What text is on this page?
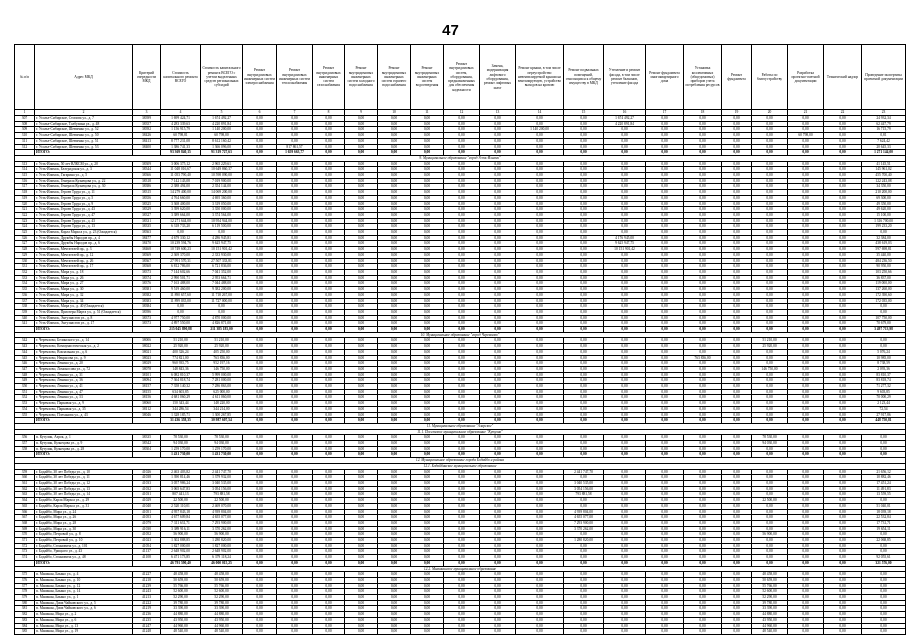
47
№ п/п	Адрес МКД	Критерий очередности МКД	Стоимость капитального ремонта ВСЕГО	Стоимость капитального ремонта ВСЕГО с учетом выделенных средств региональных субсидий	Ремонт внутридомовых инженерных систем электроснабжения	Ремонт внутридомовых инженерных систем теплоснабжения	Ремонт внутридомовых инженерных систем газоснабжения	Ремонт внутридомовых инженерных систем холодного водоснабжения	Ремонт внутридомовых инженерных систем горячего водоснабжения	Ремонт внутридомовых инженерных систем водоотведения	Ремонт внутридомовых систем, оборудования, предназначенных для обеспечения надежности	Замена, модернизация лифтового оборудования, ремонт лифтовых шахт	Ремонт крыши, в том числе переустройство невентилируемой крыши на вентилируемую, устройство выходов на кровлю	Ремонт подвальных помещений, относящихся к общему имуществу в МКД	Утепление и ремонт фасада, в том числе ремонт балконов, утепление фасада	Ремонт фундамента многоквартирного дома	Установка коллективных (общедомовых) приборов учета потребления ресурсов	Ремонт фундамента	Работы по благоустройству	Разработка проектно-сметной документации	Технический надзор	Проведение экспертизы проектной документации
1	2	3	4	5	6	7	8	9	10	11	12	13	14	15	16	17	18	19	20	21	22	23
307	г. Усолье-Сибирское, Стопова ул., д. 7	38399	1 699 424,71	1 674 492,27	0,00	0,00	0,00	0,00	0,00	0,00	0,00	0,00	0,00	0,00	1 674 492,27	0,00	0,00	0,00	0,00	0,00	0,00	24 932,34
308	г. Усолье-Сибирское, Толбухина ул., д. 48	38357	4 283 339,63	4 220 891,84	0,00	0,00	0,00	0,00	0,00	0,00	0,00	0,00	0,00	0,00	4 220 891,84	0,00	0,00	0,00	0,00	0,00	0,00	62 447,79
309	г. Усолье-Сибирское, Шевченко ул., д. 52	38392	1 156 915,79	1 140 200,00	0,00	0,00	0,00	0,00	0,00	0,00	0,00	0,00	1 140 200,00	0,00	0,00	0,00	0,00	0,00	0,00	0,00	0,00	16 715,79
310	г. Усолье-Сибирское, Шевченко ул., д. 50	38426	60 798,81	60 798,00	0,00	0,00	0,00	0,00	0,00	0,00	0,00	0,00	0,00	0,00	0,00	0,00	0,00	0,00	0,00	60 798,00	0,00	0,81
311	г. Усолье-Сибирское, Шевченко ул., д. 51	38413	8 777 231,08	8 612 160,42	0,00	0,00	0,00	0,00	0,00	0,00	0,00	0,00	0,00	0,00	0,00	0,00	0,00	0,00	0,00	0,00	0,00	7 624,42
312	г. Усолье-Сибирское, Шевченко ул., д. 53	38400	1 386 741,33	1 366 096,00	0,00	817 861,57	0,00	0,00	0,00	0,00	0,00	0,00	0,00	0,00	0,00	0,00	0,00	0,00	0,00	0,00	0,00	20 645,33
	ИТОГО:		93 369 840,15	91 319 727,63	0,00	1 659 663,77	0,00	0,00	0,00	0,00	0,00	0,00	0,00	0,00	0,00	0,00	0,00	0,00	0,00	0,00	0,00	1 271 144,00
9. Муниципальное образование "город Усть-Илимск"																						
313	г. Усть-Илимск, 50 лет ВЛКСМ ул., д. 20	38309	3 006 375,12	2 965 229,61	0,00	0,00	0,00	0,00	0,00	0,00	0,00	0,00	0,00	0,00	0,00	0,00	0,00	0,00	0,00	0,00	0,00	41 145,51
314	г. Усть-Илимск, Белградская ул., д. 3	38344	11 048 016,67	10 649 860,37	0,00	0,00	0,00	0,00	0,00	0,00	0,00	0,00	0,00	0,00	0,00	0,00	0,00	0,00	0,00	0,00	0,00	145 961,02
315	г. Усть-Илимск, Гагарина ул., д. 5	38366	11 053 790,40	10 598 090,00	0,00	0,00	0,00	0,00	0,00	0,00	0,00	0,00	0,00	0,00	0,00	0,00	0,00	0,00	0,00	0,00	0,00	455 700,40
316	г. Усть-Илимск, Генерала Кузнецова ул., д. 22	38318	7 142 143,08	7 019 900,00	0,00	0,00	0,00	0,00	0,00	0,00	0,00	0,00	0,00	0,00	0,00	0,00	0,00	0,00	0,00	0,00	0,00	122 243,08
317	г. Усть-Илимск, Генерала Кузнецова ул., д. 30	38386	2 388 494,00	2 354 144,00	0,00	0,00	0,00	0,00	0,00	0,00	0,00	0,00	0,00	0,00	0,00	0,00	0,00	0,00	0,00	0,00	0,00	34 350,00
318	г. Усть-Илимск, Героев Труда ул., д. 11	38315	14 279 400,00	14 069 200,00	0,00	0,00	0,00	0,00	0,00	0,00	0,00	0,00	0,00	0,00	0,00	0,00	0,00	0,00	0,00	0,00	0,00	210 200,00
319	г. Усть-Илимск, Героев Труда ул., д. 5	38356	4 764 660,00	4 695 360,00	0,00	0,00	0,00	0,00	0,00	0,00	0,00	0,00	0,00	0,00	0,00	0,00	0,00	0,00	0,00	0,00	0,00	69 300,00
320	г. Усть-Илимск, Героев Труда ул., д. 9	38325	3 368 400,00	3 319 050,00	0,00	0,00	0,00	0,00	0,00	0,00	0,00	0,00	0,00	0,00	0,00	0,00	0,00	0,00	0,00	0,00	0,00	49 350,00
321	г. Усть-Илимск, Героев Труда ул., д. 43	38329	3 399 620,00	3 350 000,00	0,00	0,00	0,00	0,00	0,00	0,00	0,00	0,00	0,00	0,00	0,00	0,00	0,00	0,00	0,00	0,00	0,00	49 620,00
322	г. Усть-Илимск, Героев Труда ул., д. 47	38327	3 389 664,00	3 374 564,00	0,00	0,00	0,00	0,00	0,00	0,00	0,00	0,00	0,00	0,00	0,00	0,00	0,00	0,00	0,00	0,00	0,00	15 100,00
323	г. Усть-Илимск, Героев Труда ул., д. 43	38331	12 271 644,00	10 954 944,00	0,00	0,00	0,00	0,00	0,00	0,00	0,00	0,00	0,00	0,00	0,00	0,00	0,00	0,00	0,00	0,00	0,00	1 316 700,00
324	г. Усть-Илимск, Героев Труда ул., д. 13	38335	6 318 733,20	6 119 500,00	0,00	0,00	0,00	0,00	0,00	0,00	0,00	0,00	0,00	0,00	0,00	0,00	0,00	0,00	0,00	0,00	0,00	199 233,20
325	г. Усть-Илимск, Карла Маркса ул., д. 23 (Ожидается)	38363	0,00	0,00	0,00	0,00	0,00	0,00	0,00	0,00	0,00	0,00	0,00	0,00	0,00	0,00	0,00	0,00	0,00	0,00	0,00	0,00
326	г. Усть-Илимск, Дружбы Народов пр., д. 4	38477	4 679 330,12	4 286 945,81	0,00	0,00	0,00	0,00	0,00	0,00	0,00	0,00	0,00	0,00	4 176 945,00	0,00	0,00	0,00	0,00	0,00	0,00	32 384,00
327	г. Усть-Илимск, Дружбы Народов пр., д. 6	38470	10 239 594,76	9 625 947,75	0,00	0,00	0,00	0,00	0,00	0,00	0,00	0,00	0,00	0,00	9 625 947,75	0,00	0,00	0,00	0,00	0,00	0,00	438 619,03
328	г. Усть-Илимск, Мечтателей пр., д. 3	38468	10 749 600,23	10 151 901,42	0,00	0,00	0,00	0,00	0,00	0,00	0,00	0,00	0,00	0,00	10 151 901,42	0,00	0,00	0,00	0,00	0,00	0,00	597 698,81
329	г. Усть-Илимск, Мечтателей пр., д. 12	38369	2 369 370,00	2 333 930,00	0,00	0,00	0,00	0,00	0,00	0,00	0,00	0,00	0,00	0,00	0,00	0,00	0,00	0,00	0,00	0,00	0,00	35 440,00
330	г. Усть-Илимск, Мечтателей пр., д. 26	38367	27 991 570,31	27 507 333,81	0,00	0,00	0,00	0,00	0,00	0,00	0,00	0,00	0,00	0,00	0,00	0,00	0,00	0,00	0,00	0,00	0,00	484 236,50
331	г. Усть-Илимск, Мечтателей пр., д. 17	38368	6 812 786,00	6 721 836,00	0,00	0,00	0,00	0,00	0,00	0,00	0,00	0,00	0,00	0,00	0,00	0,00	0,00	0,00	0,00	0,00	0,00	90 950,00
332	г. Усть-Илимск, Мира ул., д. 18	38373	7 144 602,66	7 041 352,00	0,00	0,00	0,00	0,00	0,00	0,00	0,00	0,00	0,00	0,00	0,00	0,00	0,00	0,00	0,00	0,00	0,00	103 250,66
333	г. Усть-Илимск, Мира ул., д. 26	38374	2 990 501,71	2 953 664,71	0,00	0,00	0,00	0,00	0,00	0,00	0,00	0,00	0,00	0,00	0,00	0,00	0,00	0,00	0,00	0,00	0,00	36 837,00
334	г. Усть-Илимск, Мира ул., д. 27	38376	7 163 488,00	7 044 488,00	0,00	0,00	0,00	0,00	0,00	0,00	0,00	0,00	0,00	0,00	0,00	0,00	0,00	0,00	0,00	0,00	0,00	119 000,00
335	г. Усть-Илимск, Мира ул., д. 30	38381	9 519 460,00	9 382 200,00	0,00	0,00	0,00	0,00	0,00	0,00	0,00	0,00	0,00	0,00	0,00	0,00	0,00	0,00	0,00	0,00	0,00	137 260,00
336	г. Усть-Илимск, Мира ул., д. 32	38382	11 890 657,60	11 718 267,00	0,00	0,00	0,00	0,00	0,00	0,00	0,00	0,00	0,00	0,00	0,00	0,00	0,00	0,00	0,00	0,00	0,00	172 390,60
337	г. Усть-Илимск, Мира ул., д. 34	38383	11 899 035,00	11 727 000,00	0,00	0,00	0,00	0,00	0,00	0,00	0,00	0,00	0,00	0,00	0,00	0,00	0,00	0,00	0,00	0,00	0,00	172 035,00
338	г. Усть-Илимск, Мира ул., д. 40 (Ожидается)	38384	0,00	0,00	0,00	0,00	0,00	0,00	0,00	0,00	0,00	0,00	0,00	0,00	0,00	0,00	0,00	0,00	0,00	0,00	0,00	0,00
339	г. Усть-Илимск, Приозерн Марта ул., д. 51 (Ожидается)	38396	0,00	0,00	0,00	0,00	0,00	0,00	0,00	0,00	0,00	0,00	0,00	0,00	0,00	0,00	0,00	0,00	0,00	0,00	0,00	0,00
340	г. Усть-Илимск, Энтузиастов ул., д. 8	38373	4 977 750,00	4 870 000,00	0,00	0,00	0,00	0,00	0,00	0,00	0,00	0,00	0,00	0,00	0,00	0,00	0,00	0,00	0,00	0,00	0,00	107 750,00
341	г. Усть-Илимск, Энтузиастов ул., д. 17	38373	4 897 550,00	4 826 871,00	0,00	0,00	0,00	0,00	0,00	0,00	0,00	0,00	0,00	0,00	0,00	0,00	0,00	0,00	0,00	0,00	0,00	70 679,00
	ИТОГО:		215 045 890,88	211 385 185,00	0,00	0,00	0,00	0,00	0,00	0,00	0,00	0,00	0,00	0,00	0,00	0,00	0,00	0,00	0,00	0,00	0,00	3 497 713,98
10. Муниципальное образование "город Черемхово"																						
342	г. Черемхово, Белинского ул., д. 14	38006	51 210,00	51 210,00	0,00	0,00	0,00	0,00	0,00	0,00	0,00	0,00	0,00	0,00	0,00	0,00	0,00	0,00	51 210,00	0,00	0,00	0,00
343	г. Черемхово, Коммунистическая ул., д. 2	38022	25 920,00	25 920,00	0,00	0,00	0,00	0,00	0,00	0,00	0,00	0,00	0,00	0,00	0,00	0,00	0,00	0,00	25 920,00	0,00	0,00	0,00
344	г. Черемхово, Вокзальная ул., д. 6	38021	400 326,24	405 250,00	0,00	0,00	0,00	0,00	0,00	0,00	0,00	0,00	0,00	0,00	0,00	0,00	0,00	0,00	0,00	0,00	0,00	5 076,24
345	г. Черемхово, Некрасова ул., д. 9	38023	774 821,00	763 836,00	0,00	0,00	0,00	0,00	0,00	0,00	0,00	0,00	0,00	0,00	0,00	0,00	763 836,00	0,00	0,00	0,00	0,00	10 985,00
346	г. Черемхово, Ленина ул., д. 20	38029	960 935,75	952 197,16	0,00	0,00	0,00	0,00	0,00	0,00	0,00	0,00	0,00	0,00	0,00	0,00	0,00	0,00	0,00	0,00	0,00	8 738,59
347	г. Черемхово, Ломоносова ул., д. 72	38078	148 843,36	146 750,00	0,00	0,00	0,00	0,00	0,00	0,00	0,00	0,00	0,00	0,00	0,00	0,00	0,00	0,00	146 750,00	0,00	0,00	2 093,36
348	г. Черемхово, Ленина ул., д. 31	38101	6 082 810,37	5 999 000,00	0,00	0,00	0,00	0,00	0,00	0,00	0,00	0,00	0,00	0,00	0,00	0,00	0,00	0,00	0,00	0,00	0,00	83 810,37
349	г. Черемхово, Ленина ул., д. 36	38094	7 364 818,74	7 281 000,00	0,00	0,00	0,00	0,00	0,00	0,00	0,00	0,00	0,00	0,00	0,00	0,00	0,00	0,00	0,00	0,00	0,00	83 818,74
350	г. Черемхово, Ленина ул., д. 41	38157	7 358 140,32	7 286 863,00	0,00	0,00	0,00	0,00	0,00	0,00	0,00	0,00	0,00	0,00	0,00	0,00	0,00	0,00	0,00	0,00	0,00	71 277,32
351	г. Черемхово, Ленина ул., д. 47	38155	634 603,85	625 000,00	0,00	0,00	0,00	0,00	0,00	0,00	0,00	0,00	0,00	0,00	0,00	0,00	0,00	0,00	0,00	0,00	0,00	9 603,85
352	г. Черемхово, Ленина ул., д. 53	38156	4 681 060,29	4 611 060,00	0,00	0,00	0,00	0,00	0,00	0,00	0,00	0,00	0,00	0,00	0,00	0,00	0,00	0,00	0,00	0,00	0,00	70 000,29
353	г. Черемхово, Парковая ул., д. 9	38060	150 343,44	148 220,00	0,00	0,00	0,00	0,00	0,00	0,00	0,00	0,00	0,00	0,00	0,00	0,00	0,00	0,00	0,00	0,00	0,00	2 123,44
354	г. Черемхово, Парковая ул., д. 35	38112	344 286,54	344 214,00	0,00	0,00	0,00	0,00	0,00	0,00	0,00	0,00	0,00	0,00	0,00	0,00	0,00	0,00	0,00	0,00	0,00	72,54
355	г. Черемхово, Плеханова ул., д. 43	38046	1 328 185,71	1 300 267,85	0,00	0,00	0,00	0,00	0,00	0,00	0,00	0,00	0,00	0,00	0,00	0,00	0,00	0,00	0,00	0,00	0,00	27 917,86
	ИТОГО:		31 436 358,35	30 987 607,54	0,00	0,00	0,00	0,00	0,00	0,00	0,00	0,00	0,00	0,00	0,00	0,00	0,00	0,00	0,00	0,00	0,00	448 750,81
11. Муниципальное образование "Аларское"																						
11.1. Поселковое муниципальное образование "Кутулик"																						
356	п. Кутулик, Аэрок, д. 1	38335	78 530,00	78 530,00	0,00	0,00	0,00	0,00	0,00	0,00	0,00	0,00	0,00	0,00	0,00	0,00	0,00	0,00	78 530,00	0,00	0,00	0,00
357	п. Кутулик, Кузнецова ул., д. 9	38342	94 030,00	94 030,00	0,00	0,00	0,00	0,00	0,00	0,00	0,00	0,00	0,00	0,00	0,00	0,00	0,00	0,00	94 030,00	0,00	0,00	0,00
358	п. Кутулик, Кузнецова ул., д. 28	38304	1 259 170,00	1 259 170,00	0,00	0,00	0,00	0,00	0,00	0,00	0,00	0,00	0,00	0,00	0,00	0,00	0,00	0,00	0,00	0,00	0,00	0,00
	ИТОГО:		1 431 730,00	1 431 730,00	0,00	0,00	0,00	0,00	0,00	0,00	0,00	0,00	0,00	0,00	0,00	0,00	0,00	0,00	0,00	0,00	0,00	0,00
12. Муниципальное образование города Бодайбо и района																						
12.1. Бодайбинское муниципальное образование																						
359	г. Бодайбо, 30 лет Победы ул., д. 10	41026	2 463 403,82	2 441 747,70	0,00	0,00	0,00	0,00	0,00	0,00	0,00	0,00	0,00	2 441 747,70	0,00	0,00	0,00	0,00	0,00	0,00	0,00	21 656,12
360	г. Бодайбо, 30 лет Победы ул., д. 11	41038	1 390 814,46	1 379 932,00	0,00	0,00	0,00	0,00	0,00	0,00	0,00	0,00	0,00	0,00	0,00	0,00	0,00	0,00	0,00	0,00	0,00	10 882,46
361	г. Бодайбо, 30 лет Победы ул., д. 12	41033	3 057 986,24	3 040 535,00	0,00	0,00	0,00	0,00	0,00	0,00	0,00	0,00	0,00	3 040 535,00	0,00	0,00	0,00	0,00	0,00	0,00	0,00	17 451,24
362	г. Бодайбо, 30 лет Победы ул., д. 13	41032	3 065 647,83	3 054 156,00	0,00	0,00	0,00	0,00	0,00	0,00	0,00	0,00	0,00	3 054 156,00	0,00	0,00	0,00	0,00	0,00	0,00	0,00	11 491,83
363	г. Бодайбо, 30 лет Победы ул., д. 14	41031	807 441,13	793 881,58	0,00	0,00	0,00	0,00	0,00	0,00	0,00	0,00	0,00	793 881,58	0,00	0,00	0,00	0,00	0,00	0,00	0,00	13 559,55
364	г. Бодайбо, Карла Маркса ул., д. 29	41029	22 500,00	22 500,00	0,00	0,00	0,00	0,00	0,00	0,00	0,00	0,00	0,00	0,00	0,00	0,00	0,00	0,00	22 500,00	0,00	0,00	0,00
365	г. Бодайбо, Карла Маркса ул., д. 31	41040	2 520 110,01	2 469 070,00	0,00	0,00	0,00	0,00	0,00	0,00	0,00	0,00	0,00	0,00	0,00	0,00	0,00	0,00	0,00	0,00	0,00	51 040,01
366	г. Бодайбо, Мира ул., д. 24	41051	4 957 843,18	4 939 804,00	0,00	0,00	0,00	0,00	0,00	0,00	0,00	0,00	0,00	4 939 804,00	0,00	0,00	0,00	0,00	0,00	0,00	0,00	18 039,18
367	г. Бодайбо, Мира ул., д. 26	41053	4 677 609,84	4 655 077,00	0,00	0,00	0,00	0,00	0,00	0,00	0,00	0,00	0,00	4 655 077,00	0,00	0,00	0,00	0,00	0,00	0,00	0,00	22 532,84
368	г. Бодайбо, Мира ул., д. 28	41079	7 311 631,71	7 293 900,00	0,00	0,00	0,00	0,00	0,00	0,00	0,00	0,00	0,00	7 293 900,00	0,00	0,00	0,00	0,00	0,00	0,00	0,00	17 731,71
369	г. Бодайбо, Мира ул., д. 30	41030	3 389 916,11	3 370 262,00	0,00	0,00	0,00	0,00	0,00	0,00	0,00	0,00	0,00	3 370 262,00	0,00	0,00	0,00	0,00	0,00	0,00	0,00	19 654,11
370	г. Бодайбо, Петровой ул., д. 8	41052	56 900,00	56 900,00	0,00	0,00	0,00	0,00	0,00	0,00	0,00	0,00	0,00	0,00	0,00	0,00	0,00	0,00	56 900,00	0,00	0,00	0,00
371	г. Бодайбо, Петровой ул., д. 10	41023	1 302 888,85	1 280 820,00	0,00	0,00	0,00	0,00	0,00	0,00	0,00	0,00	0,00	1 280 820,00	0,00	0,00	0,00	0,00	0,00	0,00	0,00	22 068,85
372	г. Бодайбо, Стояновича ул., д. 101	41054	1 827 000,00	1 827 000,00	0,00	0,00	0,00	0,00	0,00	0,00	0,00	0,00	0,00	0,00	0,00	0,00	0,00	0,00	0,00	0,00	0,00	0,00
373	г. Бодайбо, Урицкого ул., д. 43	41137	2 648 902,00	2 648 902,00	0,00	0,00	0,00	0,00	0,00	0,00	0,00	0,00	0,00	0,00	0,00	0,00	0,00	0,00	0,00	0,00	0,00	0,00
374	г. Бодайбо, Стояновича ул., д. 48	41108	6 471 173,85	6 379 118,24	0,00	0,00	0,00	0,00	0,00	0,00	0,00	0,00	0,00	0,00	0,00	0,00	0,00	0,00	0,00	0,00	0,00	92 055,61
	ИТОГО:		46 791 590,40	46 000 015,25	0,00	0,00	0,00	0,00	0,00	0,00	0,00	0,00	0,00	0,00	0,00	0,00	0,00	0,00	0,00	0,00	0,00	321 576,00
12.2. Мамаканское муниципальное образование																						
375	п. Мамакан, Бакано ул., д. 4	41227	48 458,00	48 458,00	0,00	0,00	0,00	0,00	0,00	0,00	0,00	0,00	0,00	0,00	0,00	0,00	0,00	0,00	48 458,00	0,00	0,00	0,00
376	п. Мамакан, Бакано ул., д. 10	41218	50 659,00	50 659,00	0,00	0,00	0,00	0,00	0,00	0,00	0,00	0,00	0,00	0,00	0,00	0,00	0,00	0,00	50 659,00	0,00	0,00	0,00
377	п. Мамакан, Бакано ул., д. 12	41239	55 766,00	55 766,00	0,00	0,00	0,00	0,00	0,00	0,00	0,00	0,00	0,00	0,00	0,00	0,00	0,00	0,00	55 766,00	0,00	0,00	0,00
378	п. Мамакан, Бакано ул., д. 14	41243	52 600,00	52 600,00	0,00	0,00	0,00	0,00	0,00	0,00	0,00	0,00	0,00	0,00	0,00	0,00	0,00	0,00	52 600,00	0,00	0,00	0,00
379	п. Мамакан, Бакано ул., д. 1	41213	52 290,00	52 290,00	0,00	0,00	0,00	0,00	0,00	0,00	0,00	0,00	0,00	0,00	0,00	0,00	0,00	0,00	52 290,00	0,00	0,00	0,00
380	п. Мамакан, Дома Чайковского ул., д. 5	41222	39 780,00	39 780,00	0,00	0,00	0,00	0,00	0,00	0,00	0,00	0,00	0,00	0,00	0,00	0,00	0,00	0,00	39 780,00	0,00	0,00	0,00
381	п. Мамакан, Дома Чайковского ул., д. 6	41219	33 390,00	33 390,00	0,00	0,00	0,00	0,00	0,00	0,00	0,00	0,00	0,00	0,00	0,00	0,00	0,00	0,00	33 390,00	0,00	0,00	0,00
382	п. Мамакан, Мира ул., д. 2	41236	44 880,00	44 880,00	0,00	0,00	0,00	0,00	0,00	0,00	0,00	0,00	0,00	0,00	0,00	0,00	0,00	0,00	44 880,00	0,00	0,00	0,00
383	п. Мамакан, Мира ул., д. 6	41235	43 950,00	43 950,00	0,00	0,00	0,00	0,00	0,00	0,00	0,00	0,00	0,00	0,00	0,00	0,00	0,00	0,00	43 950,00	0,00	0,00	0,00
384	п. Мамакан, Мира ул., д. 13	41247	44 960,00	44 960,00	0,00	0,00	0,00	0,00	0,00	0,00	0,00	0,00	0,00	0,00	0,00	0,00	0,00	0,00	44 960,00	0,00	0,00	0,00
385	п. Мамакан, Мира ул., д. 19	41248	48 540,00	48 540,00	0,00	0,00	0,00	0,00	0,00	0,00	0,00	0,00	0,00	0,00	0,00	0,00	0,00	0,00	48 540,00	0,00	0,00	0,00
